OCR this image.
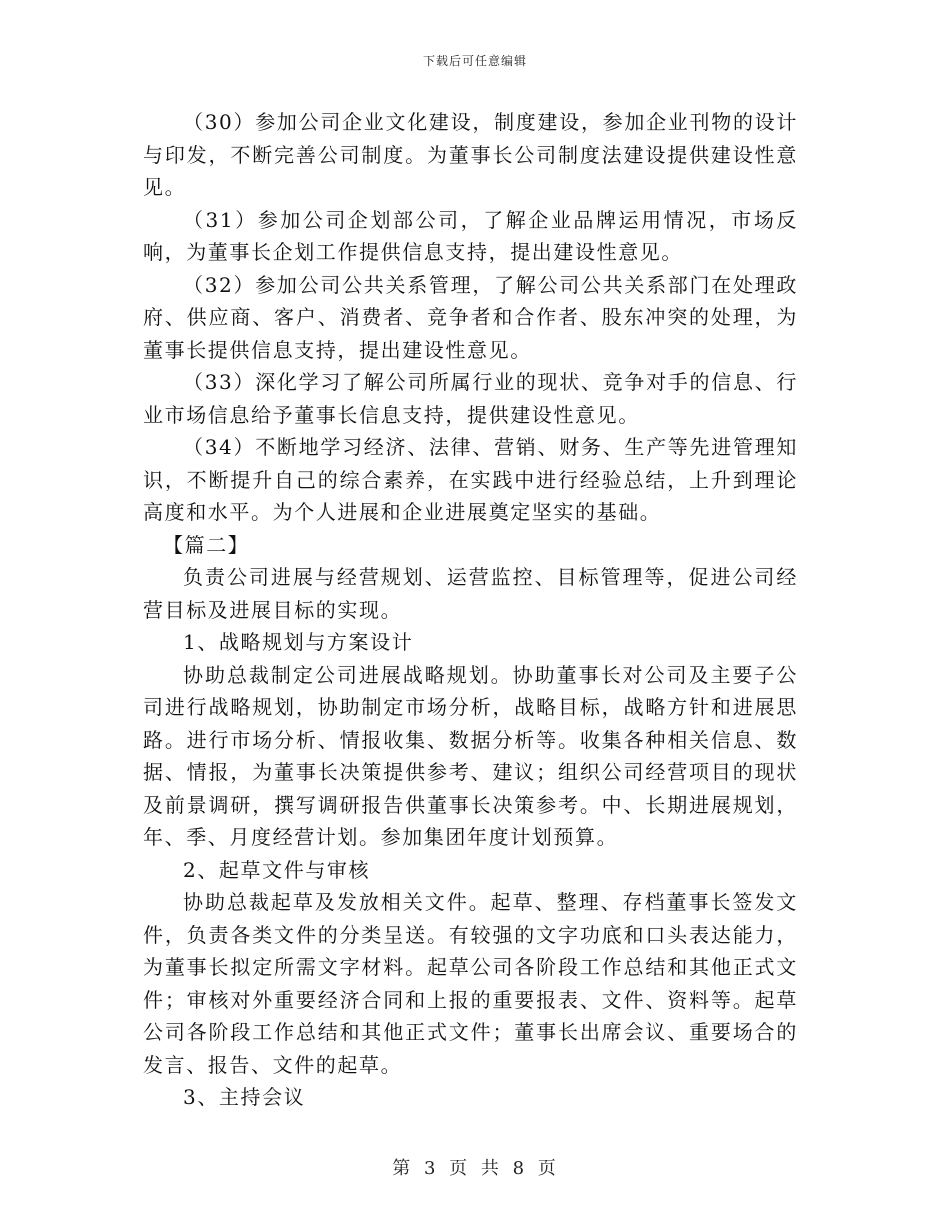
下载后可任意编辑

（30）参加公司企业文化建设，制度建设，参加企业刊物的设计与印发，不断完善公司制度。为董事长公司制度法建设提供建设性意见。

（31）参加公司企划部公司，了解企业品牌运用情况，市场反响，为董事长企划工作提供信息支持，提出建设性意见。

（32）参加公司公共关系管理，了解公司公共关系部门在处理政府、供应商、客户、消费者、竞争者和合作者、股东冲突的处理，为董事长提供信息支持，提出建设性意见。

（33）深化学习了解公司所属行业的现状、竞争对手的信息、行业市场信息给予董事长信息支持，提供建设性意见。

（34）不断地学习经济、法律、营销、财务、生产等先进管理知识，不断提升自己的综合素养，在实践中进行经验总结，上升到理论高度和水平。为个人进展和企业进展奠定坚实的基础。

【篇二】

负责公司进展与经营规划、运营监控、目标管理等，促进公司经营目标及进展目标的实现。

1、战略规划与方案设计

协助总裁制定公司进展战略规划。协助董事长对公司及主要子公司进行战略规划，协助制定市场分析，战略目标，战略方针和进展思路。进行市场分析、情报收集、数据分析等。收集各种相关信息、数据、情报，为董事长决策提供参考、建议；组织公司经营项目的现状及前景调研，撰写调研报告供董事长决策参考。中、长期进展规划，年、季、月度经营计划。参加集团年度计划预算。

2、起草文件与审核

协助总裁起草及发放相关文件。起草、整理、存档董事长签发文件，负责各类文件的分类呈送。有较强的文字功底和口头表达能力，为董事长拟定所需文字材料。起草公司各阶段工作总结和其他正式文件；审核对外重要经济合同和上报的重要报表、文件、资料等。起草公司各阶段工作总结和其他正式文件；董事长出席会议、重要场合的发言、报告、文件的起草。

3、主持会议

第 3 页 共 8 页
